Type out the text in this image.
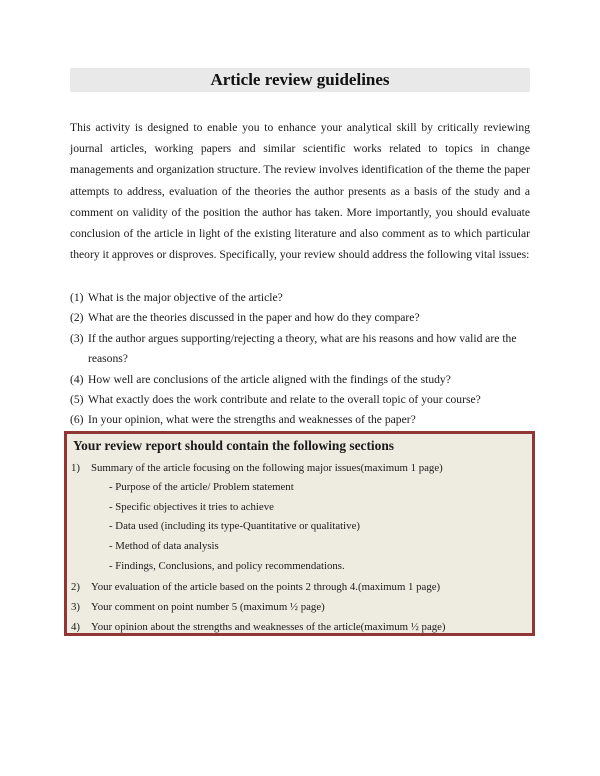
Article review guidelines

This activity is designed to enable you to enhance your analytical skill by critically reviewing journal articles, working papers and similar scientific works related to topics in change managements and organization structure. The review involves identification of the theme the paper attempts to address, evaluation of the theories the author presents as a basis of the study and a comment on validity of the position the author has taken. More importantly, you should evaluate conclusion of the article in light of the existing literature and also comment as to which particular theory it approves or disproves. Specifically, your review should address the following vital issues:

(1) What is the major objective of the article?
(2) What are the theories discussed in the paper and how do they compare?
(3) If the author argues supporting/rejecting a theory, what are his reasons and how valid are the reasons?
(4) How well are conclusions of the article aligned with the findings of the study?
(5) What exactly does the work contribute and relate to the overall topic of your course?
(6) In your opinion, what were the strengths and weaknesses of the paper?

Your review report should contain the following sections

1) Summary of the article focusing on the following major issues(maximum 1 page)
- Purpose of the article/ Problem statement
- Specific objectives it tries to achieve
- Data used (including its type-Quantitative or qualitative)
- Method of data analysis
- Findings, Conclusions, and policy recommendations.
2) Your evaluation of the article based on the points 2 through 4.(maximum 1 page)
3) Your comment on point number 5 (maximum ½ page)
4) Your opinion about the strengths and weaknesses of the article(maximum ½ page)
